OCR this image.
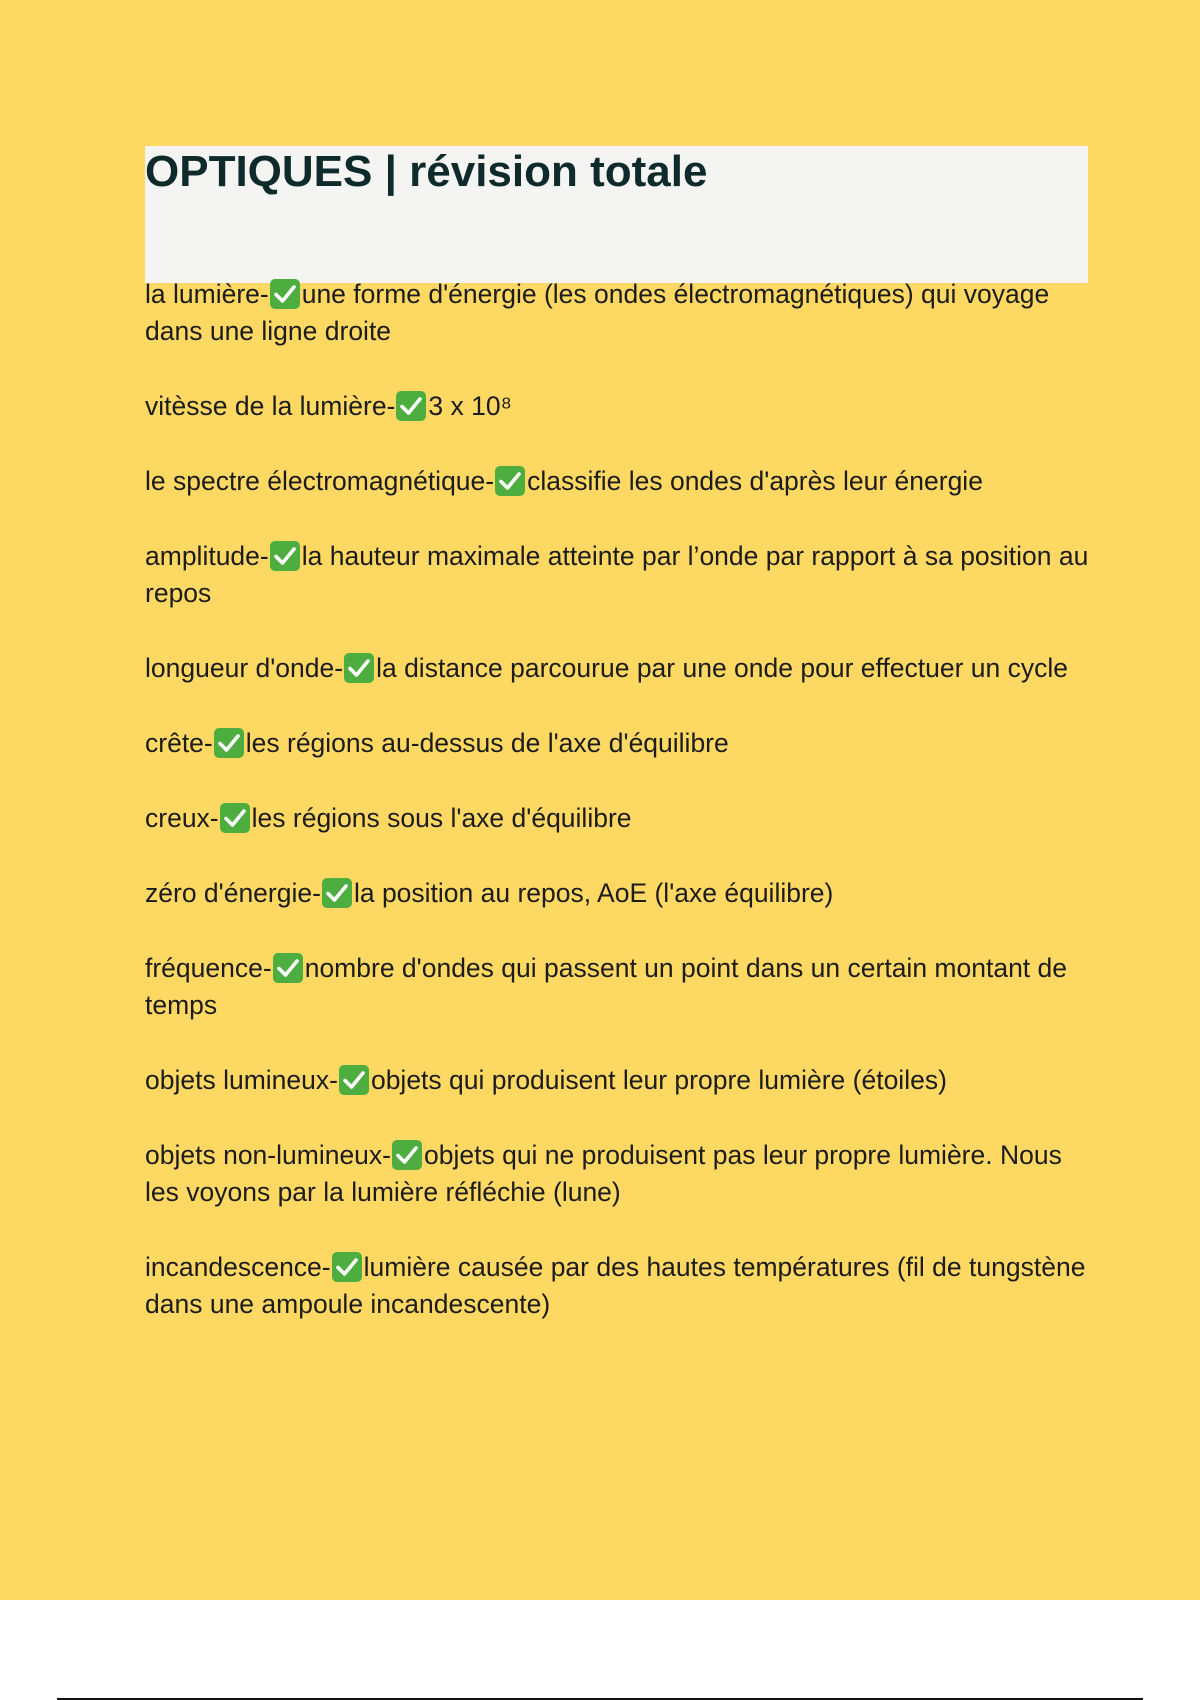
OPTIQUES | révision totale

la lumière- une forme d'énergie (les ondes électromagnétiques) qui voyage dans une ligne droite

vitèsse de la lumière- 3 x 10⁸

le spectre électromagnétique- classifie les ondes d'après leur énergie

amplitude- la hauteur maximale atteinte par l’onde par rapport à sa position au repos

longueur d'onde- la distance parcourue par une onde pour effectuer un cycle

crête- les régions au-dessus de l'axe d'équilibre

creux- les régions sous l'axe d'équilibre

zéro d'énergie- la position au repos, AoE (l'axe équilibre)

fréquence- nombre d'ondes qui passent un point dans un certain montant de temps

objets lumineux- objets qui produisent leur propre lumière (étoiles)

objets non-lumineux- objets qui ne produisent pas leur propre lumière. Nous les voyons par la lumière réfléchie (lune)

incandescence- lumière causée par des hautes températures (fil de tungstène dans une ampoule incandescente)
